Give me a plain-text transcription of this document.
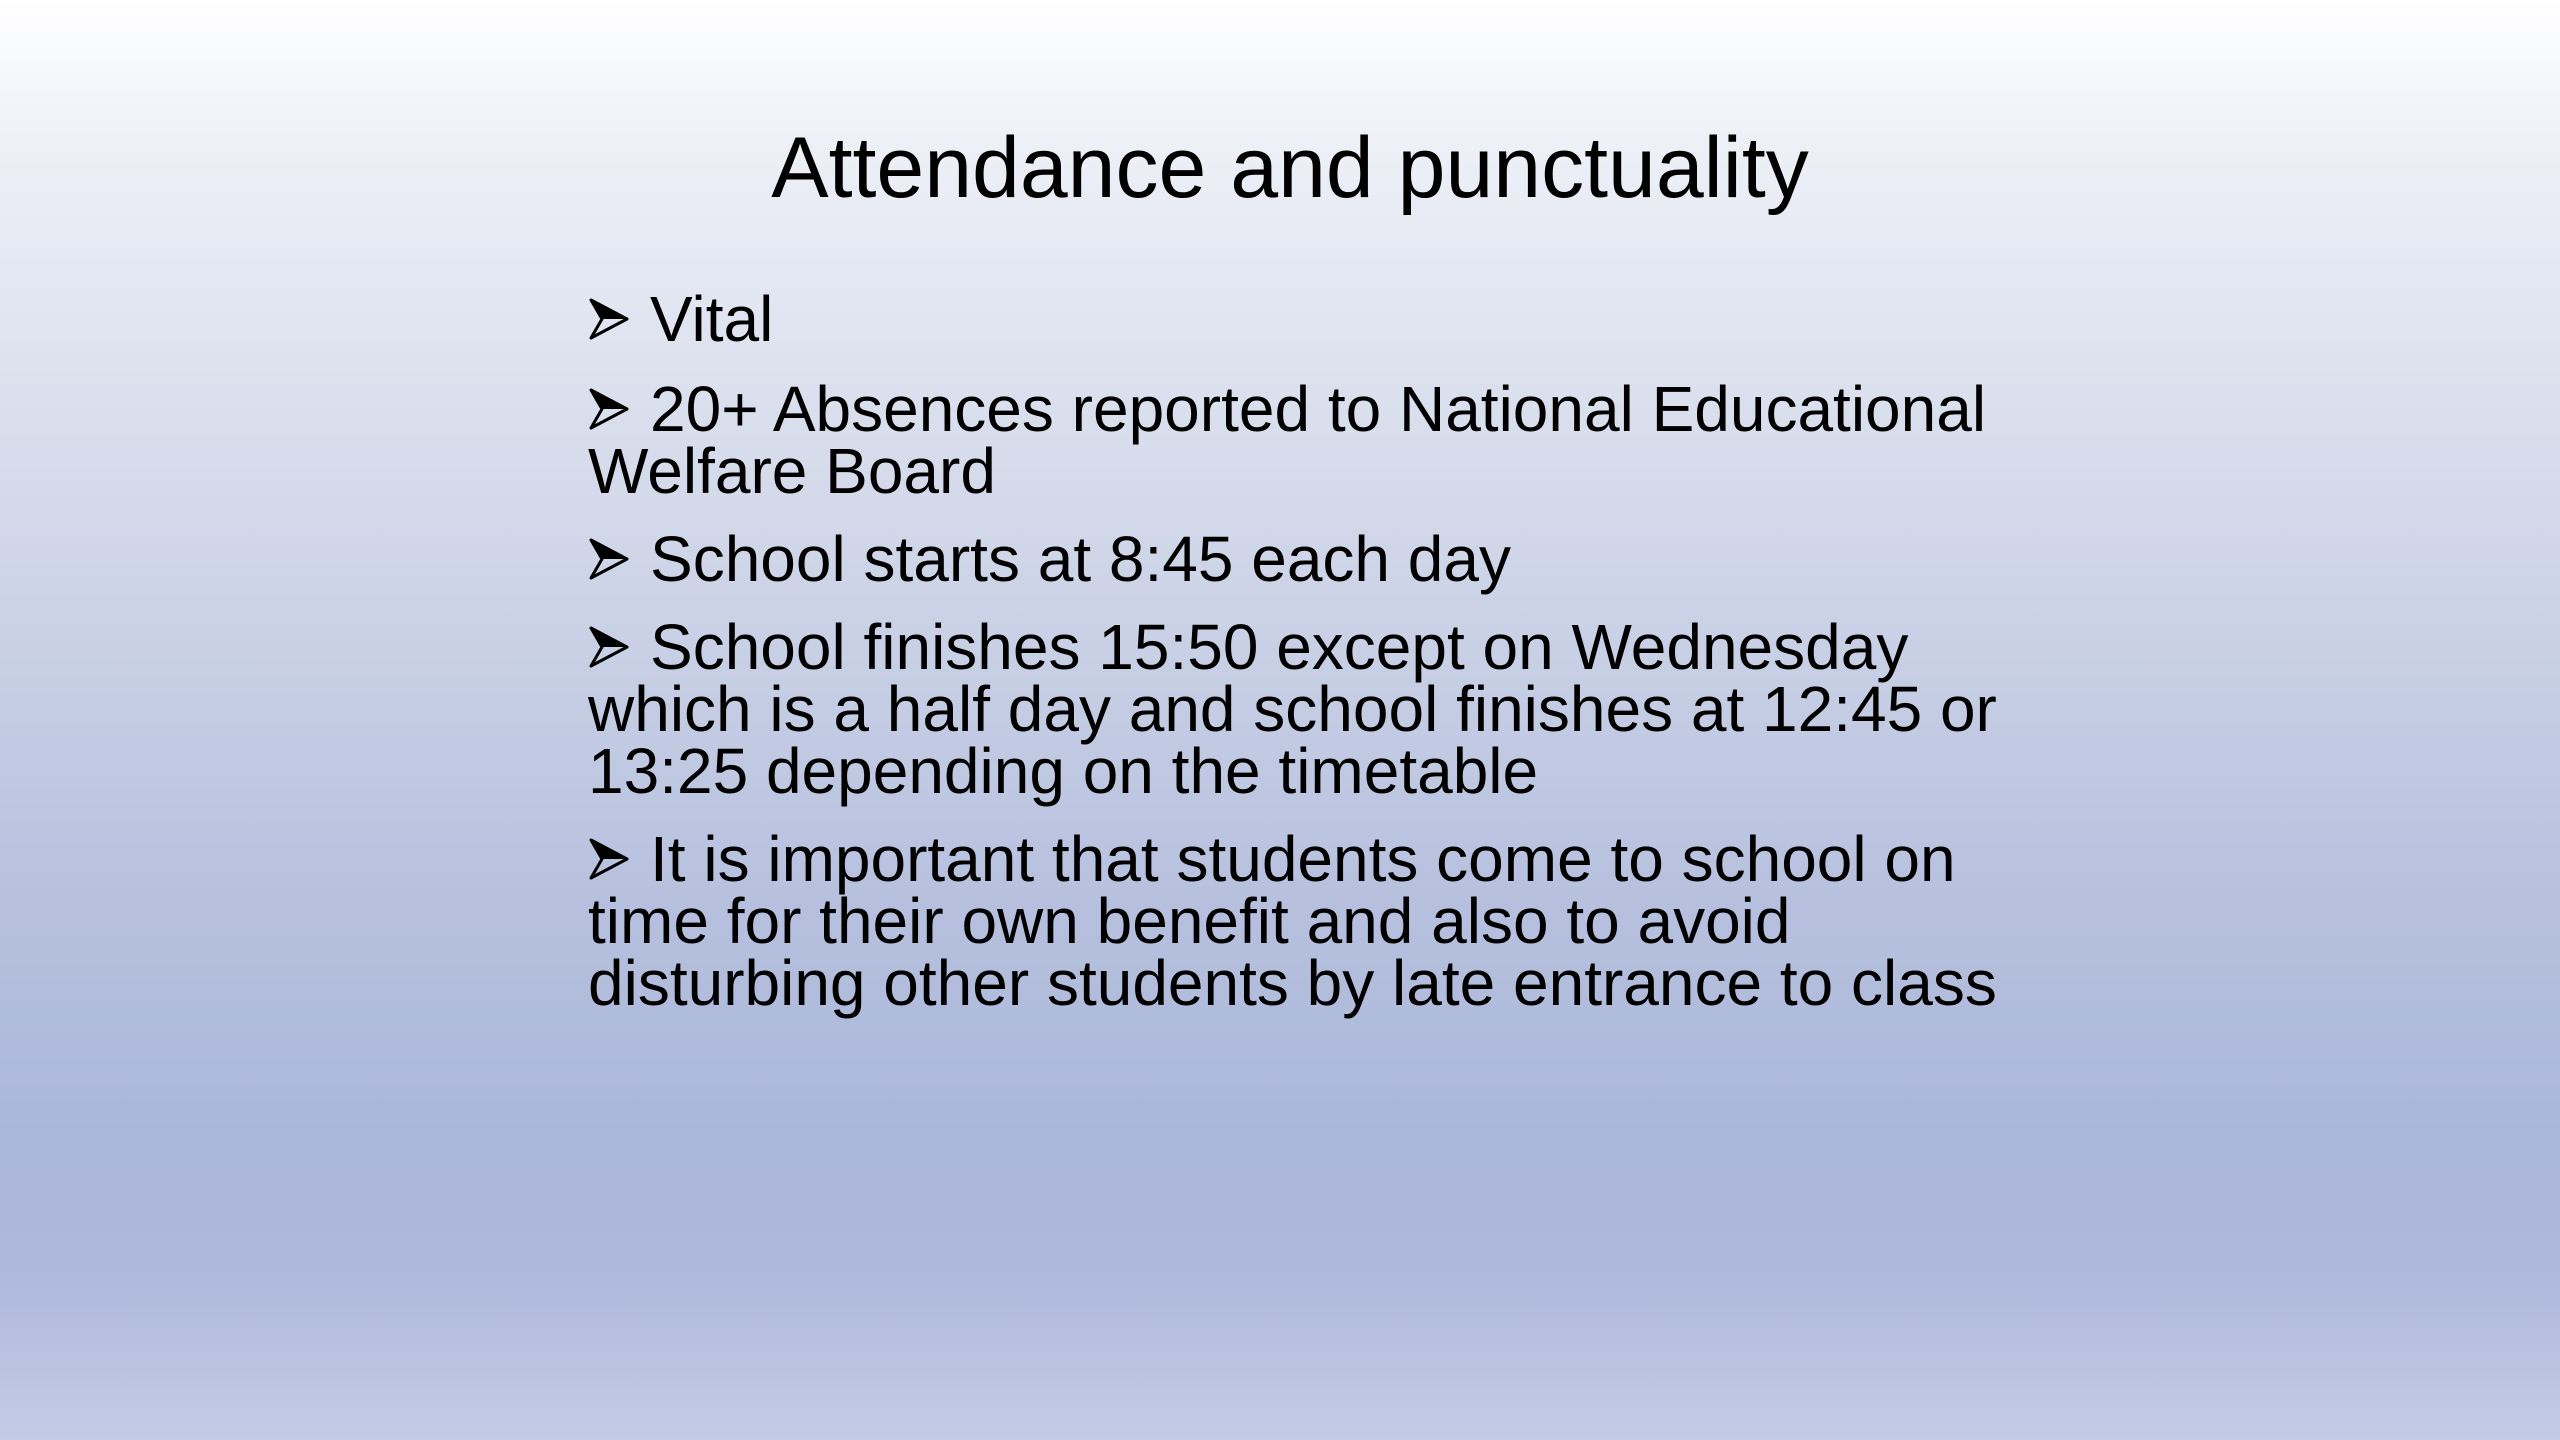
Attendance and punctuality
Vital
20+ Absences reported to National Educational Welfare Board
School starts at 8:45 each day
School finishes 15:50 except on Wednesday which is a half day and school finishes at 12:45 or 13:25 depending on the timetable
It is important that students come to school on time for their own benefit and also to avoid disturbing other students by late entrance to class
